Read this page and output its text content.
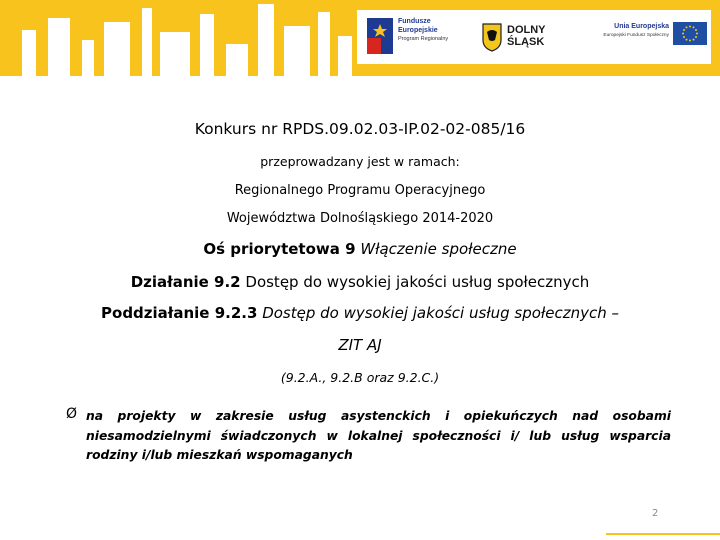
Fundusze
Europejskie
Program Regionalny
DOLNY
ŚLĄSK
Unia Europejska
Europejski Fundusz Społeczny
Konkurs nr RPDS.09.02.03-IP.02-02-085/16
przeprowadzany jest w ramach:
Regionalnego Programu Operacyjnego
Województwa Dolnośląskiego 2014-2020
Oś priorytetowa 9 Włączenie społeczne
Działanie 9.2 Dostęp do wysokiej jakości usług społecznych
Poddziałanie 9.2.3 Dostęp do wysokiej jakości usług społecznych –
ZIT AJ
(9.2.A., 9.2.B oraz 9.2.C.)
Ø na projekty w zakresie usług asystenckich i opiekuńczych nad osobami niesamodzielnymi świadczonych w lokalnej społeczności i/ lub usług wsparcia rodziny i/lub mieszkań wspomaganych
2
